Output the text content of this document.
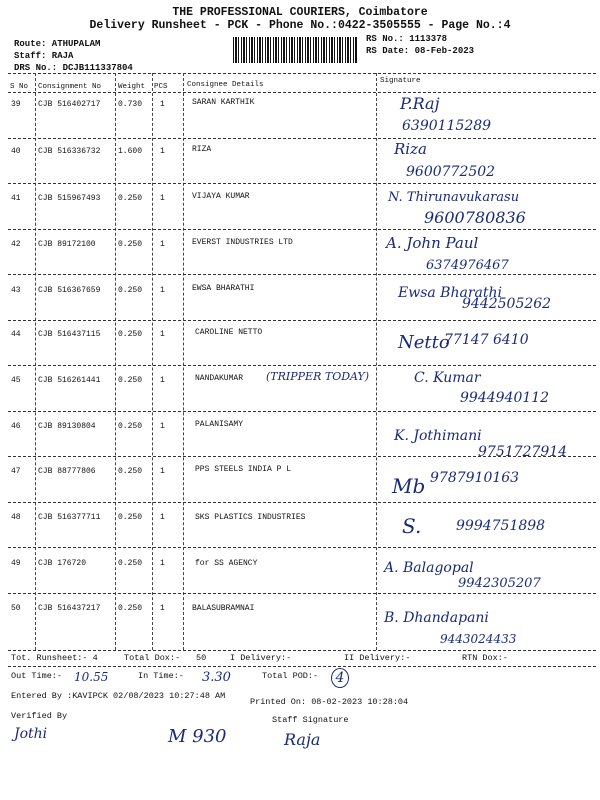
THE PROFESSIONAL COURIERS, Coimbatore
Delivery Runsheet - PCK - Phone No.:0422-3505555 - Page No.:4
Route: ATHUPALAM
Staff: RAJA
DRS No.: DCJB111337804
RS No.: 1113378
RS Date: 08-Feb-2023
S No Consignment No Weight PCS	Consignee Details	Signature
39 CJB 516402717 0.730 1	SARAN KARTHIK	P.Raj
6390115289
40 CJB 516336732 1.600 1	RIZA	Riza
9600772502
41 CJB 515967493 0.250 1	VIJAYA KUMAR	N. Thirunavukarasu
9600780836
42 CJB 89172100	0.250 1	EVERST INDUSTRIES LTD	A. John Paul
6374976467
43 CJB 516367659 0.250 1	EWSA BHARATHI	Ewsa Bharathi
9442505262
44 CJB 516437115 0.250 1	CAROLINE NETTO	Netto
77147 6410
45 CJB 516261441 0.250 1	NANDAKUMAR (TRIPPER TODAY)	C. Kumar
9944940112
46 CJB 89130804	0.250 1	PALANISAMY
K. Jothimani
9751727914
47 CJB 88777806	0.250 1	PPS STEELS INDIA P L
Mb 9787910163
48 CJB 516377711 0.250 1	SKS PLASTICS INDUSTRIES	S. 9994751898
49 CJB 176720	0.250 1	for SS AGENCY	A. Balagopal
9942305207
50 CJB 516437217 0.250 1	BALASUBRAMNAI
B. Dhandapani
9443024433
Tot. Runsheet:- 4	Total Dox:- 50	I Delivery:-	II Delivery:-	RTN Dox:-
Out Time:- 10.55	In Time:- 3.30	Total POD:-	4
Entered By :KAVIPCK 02/08/2023 10:27:48 AM
Printed On: 08-02-2023 10:28:04
Verified By	Staff Signature
Jothi	M 930	Raja
